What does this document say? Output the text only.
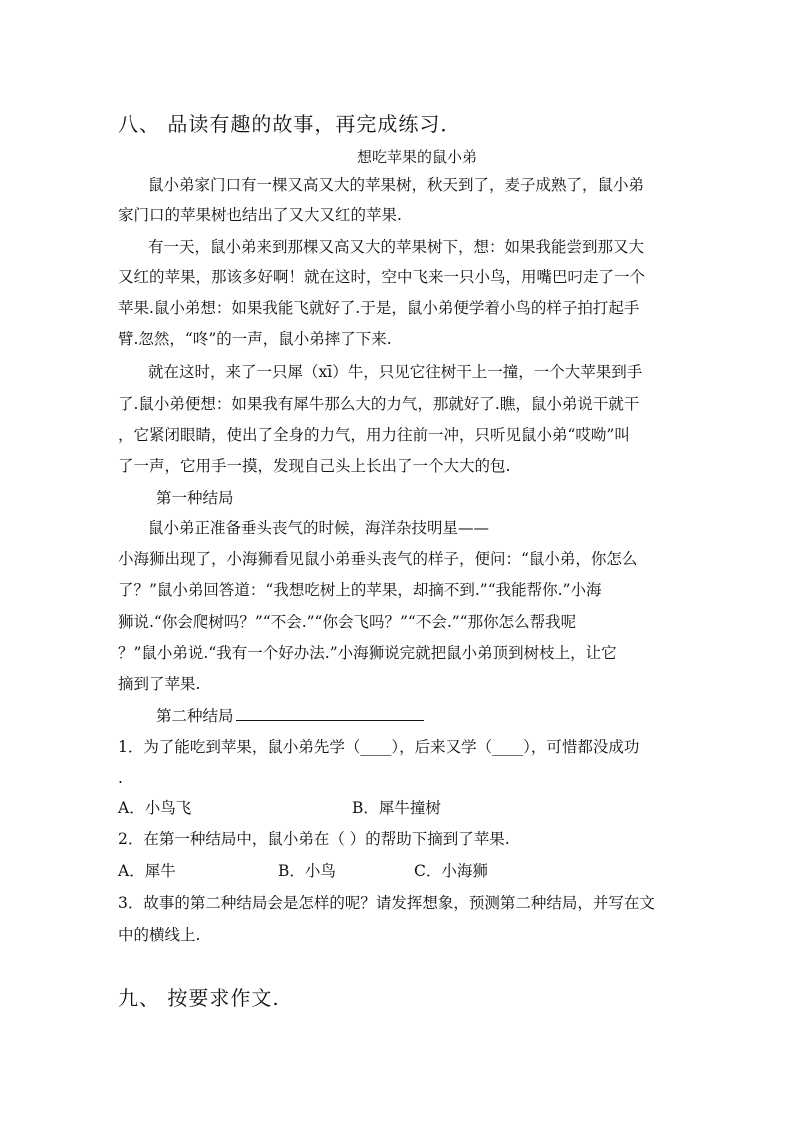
八、 品读有趣的故事，再完成练习．
想吃苹果的鼠小弟
鼠小弟家门口有一棵又高又大的苹果树，秋天到了，麦子成熟了，鼠小弟
家门口的苹果树也结出了又大又红的苹果.
有一天，鼠小弟来到那棵又高又大的苹果树下，想：如果我能尝到那又大
又红的苹果，那该多好啊！就在这时，空中飞来一只小鸟，用嘴巴叼走了一个
苹果.鼠小弟想：如果我能飞就好了.于是，鼠小弟便学着小鸟的样子拍打起手
臂.忽然，“咚”的一声，鼠小弟摔了下来.
就在这时，来了一只犀（xī）牛，只见它往树干上一撞，一个大苹果到手
了.鼠小弟便想：如果我有犀牛那么大的力气，那就好了.瞧，鼠小弟说干就干
，它紧闭眼睛，使出了全身的力气，用力往前一冲，只听见鼠小弟“哎呦”叫
了一声，它用手一摸，发现自己头上长出了一个大大的包.
第一种结局
鼠小弟正准备垂头丧气的时候，海洋杂技明星——
小海狮出现了，小海狮看见鼠小弟垂头丧气的样子，便问：“鼠小弟，你怎么
了？”鼠小弟回答道：“我想吃树上的苹果，却摘不到.”“我能帮你.”小海
狮说.“你会爬树吗？”“不会.”“你会飞吗？”“不会.”“那你怎么帮我呢
？”鼠小弟说.“我有一个好办法.”小海狮说完就把鼠小弟顶到树枝上，让它
摘到了苹果.
第二种结局
1．为了能吃到苹果，鼠小弟先学（____），后来又学（____），可惜都没成功
.
A．小鸟飞	B．犀牛撞树
2．在第一种结局中，鼠小弟在（ ）的帮助下摘到了苹果.
A．犀牛	B．小鸟	C．小海狮
3．故事的第二种结局会是怎样的呢？请发挥想象，预测第二种结局，并写在文
中的横线上.
九、 按要求作文.
